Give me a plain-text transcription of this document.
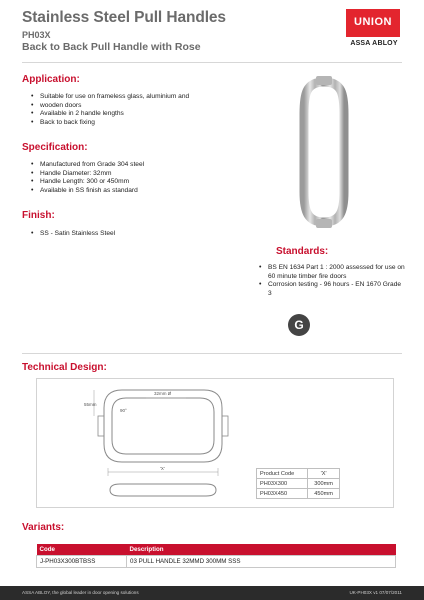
Stainless Steel Pull Handles
PH03X
Back to Back Pull Handle with Rose
UNION
ASSA ABLOY
Application:
• Suitable for use on frameless glass, aluminium and
• wooden doors
• Available in 2 handle lengths
• Back to back fixing
Specification:
• Manufactured from Grade 304 steel
• Handle Diameter: 32mm
• Handle Length: 300 or 450mm
• Available in SS finish as standard
Finish:
• SS - Satin Stainless Steel
Standards:
• BS EN 1634 Part 1 : 2000 assessed for use on 60 minute timber fire doors
• Corrosion testing - 96 hours - EN 1670 Grade 3
G
Technical Design:
32mm Ø
90°
55mm
'X'
Product Code	'X'
PH03X300	300mm
PH03X450	450mm
Variants:
Code	Description
J-PH03X300BTBSS	03 PULL HANDLE 32MMD 300MM SSS
ASSA ABLOY, the global leader in door opening solutions	UK-PH03X v1 07/07/2011
